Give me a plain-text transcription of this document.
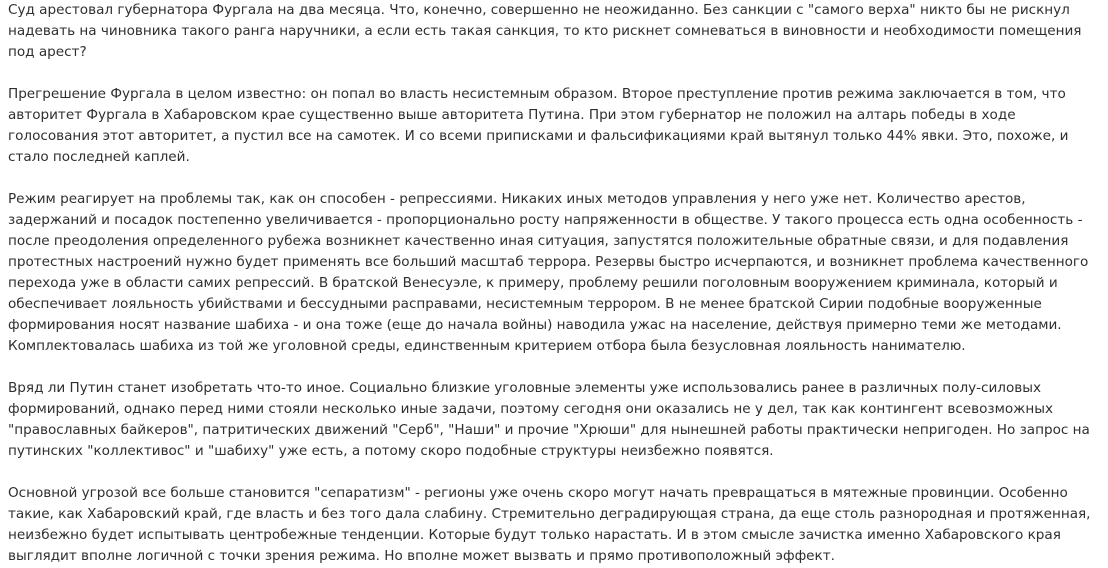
Суд арестовал губернатора Фургала на два месяца. Что, конечно, совершенно не неожиданно. Без санкции с "самого верха" никто бы не рискнул надевать на чиновника такого ранга наручники, а если есть такая санкция, то кто рискнет сомневаться в виновности и необходимости помещения под арест?

Прегрешение Фургала в целом известно: он попал во власть несистемным образом. Второе преступление против режима заключается в том, что авторитет Фургала в Хабаровском крае существенно выше авторитета Путина. При этом губернатор не положил на алтарь победы в ходе голосования этот авторитет, а пустил все на самотек. И со всеми приписками и фальсификациями край вытянул только 44% явки. Это, похоже, и стало последней каплей.

Режим реагирует на проблемы так, как он способен - репрессиями. Никаких иных методов управления у него уже нет. Количество арестов, задержаний и посадок постепенно увеличивается - пропорционально росту напряженности в обществе. У такого процесса есть одна особенность - после преодоления определенного рубежа возникнет качественно иная ситуация, запустятся положительные обратные связи, и для подавления протестных настроений нужно будет применять все больший масштаб террора. Резервы быстро исчерпаются, и возникнет проблема качественного перехода уже в области самих репрессий. В братской Венесуэле, к примеру, проблему решили поголовным вооружением криминала, который и обеспечивает лояльность убийствами и бессудными расправами, несистемным террором. В не менее братской Сирии подобные вооруженные формирования носят название шабиха - и она тоже (еще до начала войны) наводила ужас на население, действуя примерно теми же методами. Комплектовалась шабиха из той же уголовной среды, единственным критерием отбора была безусловная лояльность нанимателю.

Вряд ли Путин станет изобретать что-то иное. Социально близкие уголовные элементы уже использовались ранее в различных полу-силовых формирований, однако перед ними стояли несколько иные задачи, поэтому сегодня они оказались не у дел, так как контингент всевозможных "православных байкеров", патритических движений "Серб", "Наши" и прочие "Хрюши" для нынешней работы практически непригоден. Но запрос на путинских "коллективос" и "шабиху" уже есть, а потому скоро подобные структуры неизбежно появятся.

Основной угрозой все больше становится "сепаратизм" - регионы уже очень скоро могут начать превращаться в мятежные провинции. Особенно такие, как Хабаровский край, где власть и без того дала слабину. Стремительно деградирующая страна, да еще столь разнородная и протяженная, неизбежно будет испытывать центробежные тенденции. Которые будут только нарастать. И в этом смысле зачистка именно Хабаровского края выглядит вполне логичной с точки зрения режима. Но вполне может вызвать и прямо противоположный эффект.
